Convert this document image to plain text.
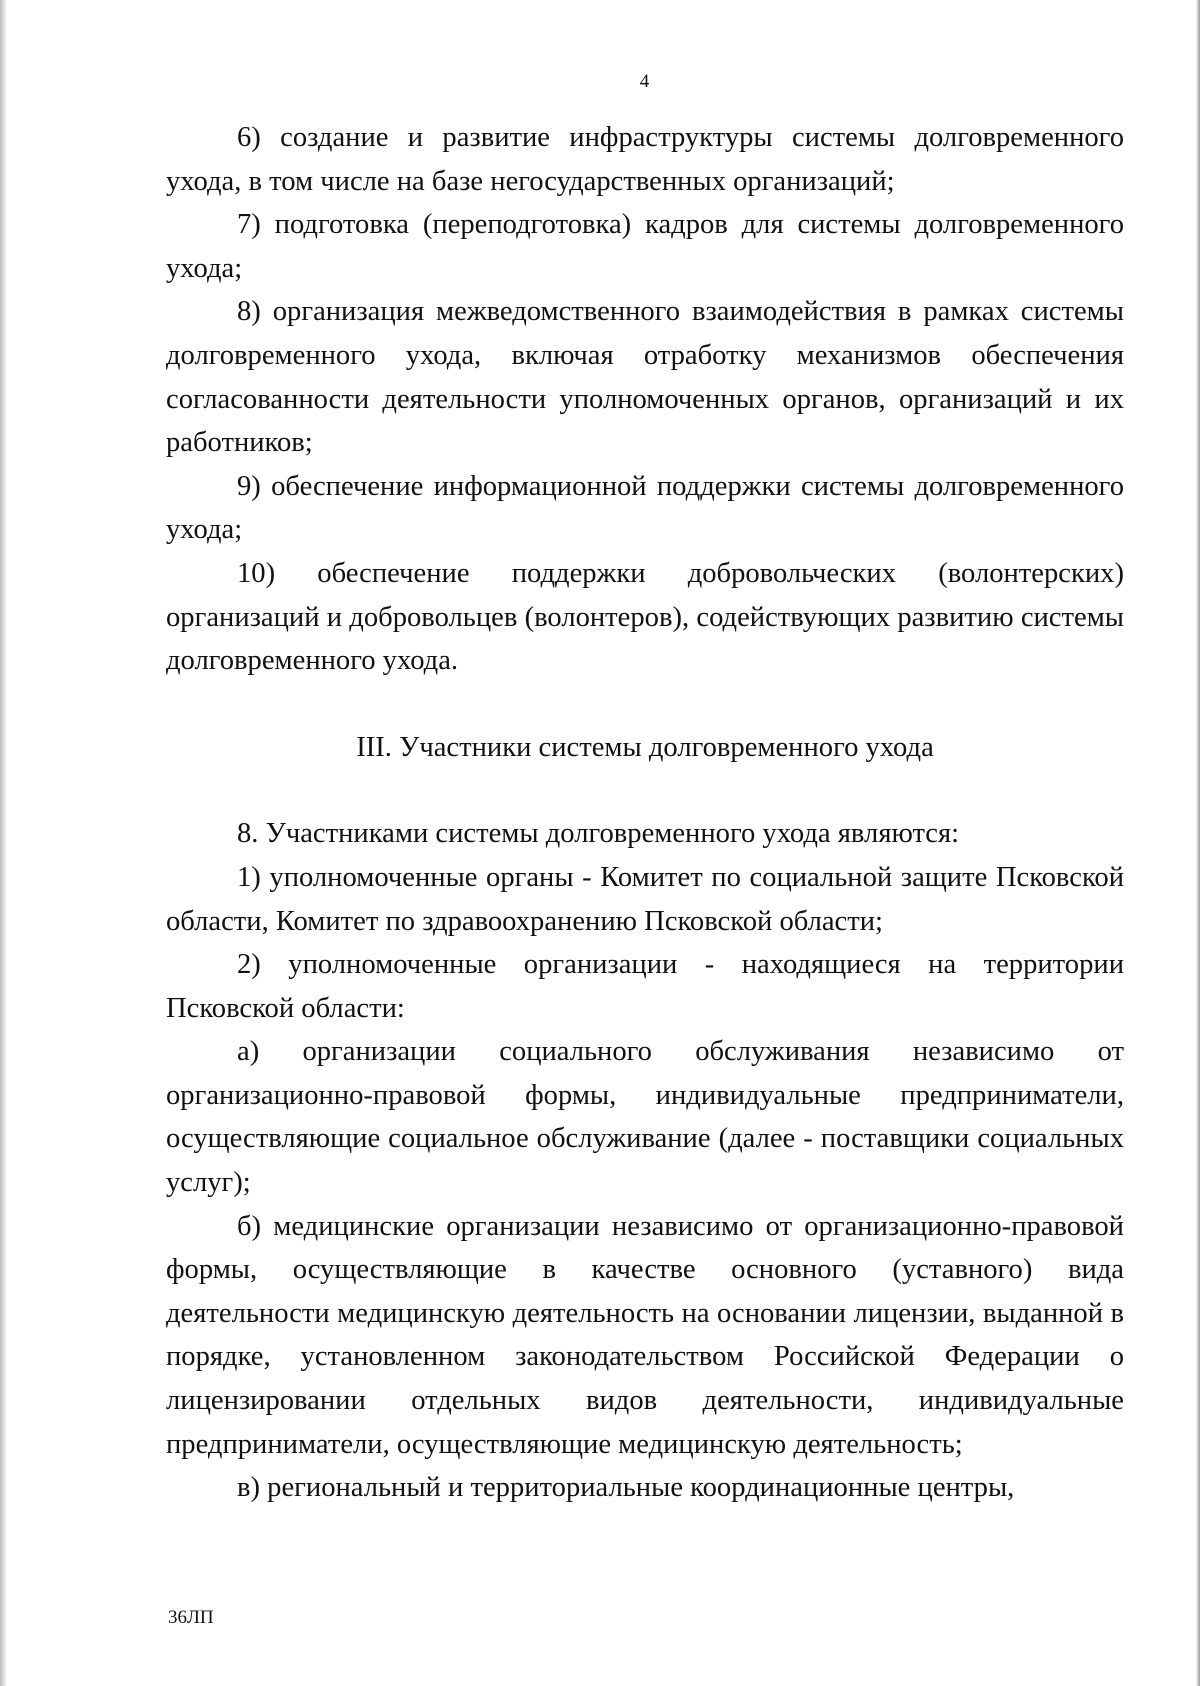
4

6) создание и развитие инфраструктуры системы долговременного ухода, в том числе на базе негосударственных организаций;

7) подготовка (переподготовка) кадров для системы долговременного ухода;

8) организация межведомственного взаимодействия в рамках системы долговременного ухода, включая отработку механизмов обеспечения согласованности деятельности уполномоченных органов, организаций и их работников;

9) обеспечение информационной поддержки системы долговременного ухода;

10) обеспечение поддержки добровольческих (волонтерских) организаций и добровольцев (волонтеров), содействующих развитию системы долговременного ухода.

III. Участники системы долговременного ухода

8. Участниками системы долговременного ухода являются:

1) уполномоченные органы - Комитет по социальной защите Псковской области, Комитет по здравоохранению Псковской области;

2) уполномоченные организации - находящиеся на территории Псковской области:

а) организации социального обслуживания независимо от организационно-правовой формы, индивидуальные предприниматели, осуществляющие социальное обслуживание (далее - поставщики социальных услуг);

б) медицинские организации независимо от организационно-правовой формы, осуществляющие в качестве основного (уставного) вида деятельности медицинскую деятельность на основании лицензии, выданной в порядке, установленном законодательством Российской Федерации о лицензировании отдельных видов деятельности, индивидуальные предприниматели, осуществляющие медицинскую деятельность;

в) региональный и территориальные координационные центры,

36ЛП
